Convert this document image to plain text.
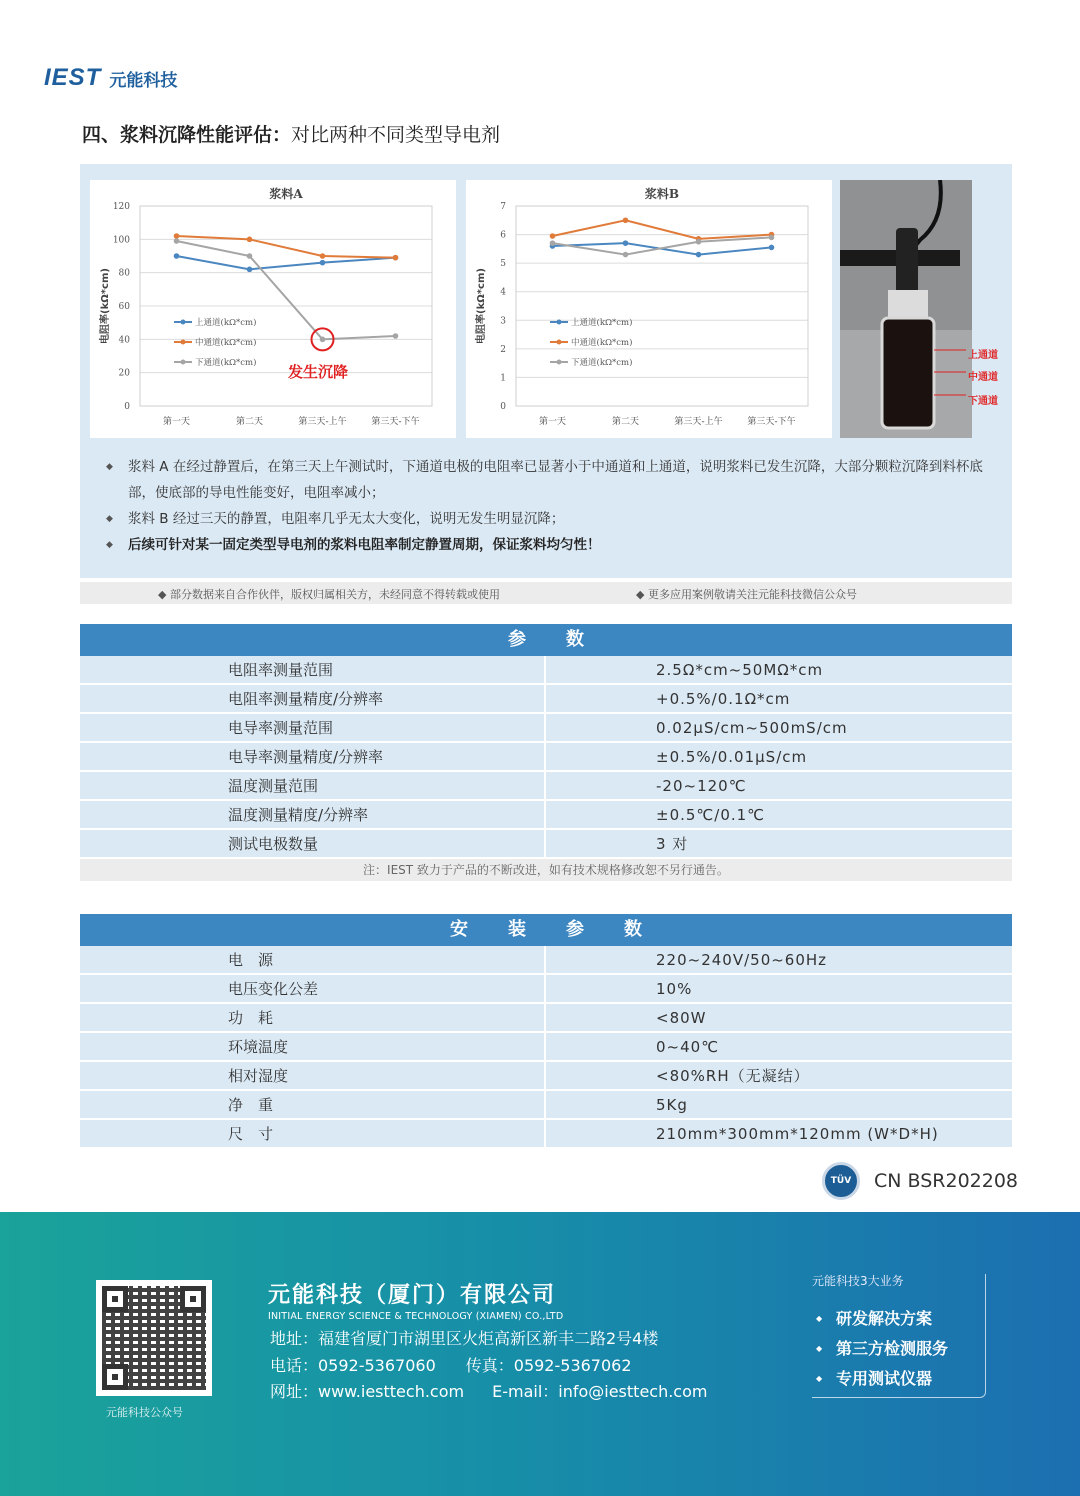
IEST 元能科技
四、浆料沉降性能评估：对比两种不同类型导电剂
浆料A
0
20
40
60
80
100
120
第一天	第二天	第三天-上午	第三天-下午
电阻率(kΩ*cm)	上通道(kΩ*cm)
中通道(kΩ*cm)
下通道(kΩ*cm) 发生沉降
浆料B
0
1
2
3
4
5
6
7
第一天	第二天	第三天-上午	第三天-下午
电阻率(kΩ*cm)	上通道(kΩ*cm)
中通道(kΩ*cm)
下通道(kΩ*cm)
上通道
中通道
下通道
◆ 浆料 A 在经过静置后，在第三天上午测试时，下通道电极的电阻率已显著小于中通道和上通道，说明浆料已发生沉降，大部分颗粒沉降到料杯底部，使底部的导电性能变好，电阻率减小；
◆ 浆料 B 经过三天的静置，电阻率几乎无太大变化，说明无发生明显沉降；
◆ 后续可针对某一固定类型导电剂的浆料电阻率制定静置周期，保证浆料均匀性！
◆ 部分数据来自合作伙伴，版权归属相关方，未经同意不得转载或使用	◆ 更多应用案例敬请关注元能科技微信公众号
参数
电阻率测量范围	2.5Ω*cm~50MΩ*cm
电阻率测量精度/分辨率	+0.5%/0.1Ω*cm
电导率测量范围	0.02μS/cm~500mS/cm
电导率测量精度/分辨率	±0.5%/0.01μS/cm
温度测量范围	-20~120℃
温度测量精度/分辨率	±0.5℃/0.1℃
测试电极数量	3 对
注：IEST 致力于产品的不断改进，如有技术规格修改恕不另行通告。
安装参数
电　源	220~240V/50~60Hz
电压变化公差	10%
功　耗	<80W
环境温度	0~40℃
相对湿度	<80%RH（无凝结）
净　重	5Kg
尺　寸	210mm*300mm*120mm (W*D*H)
TÜV	CN BSR202208
元能科技公众号
元能科技（厦门）有限公司
INITIAL ENERGY SCIENCE & TECHNOLOGY (XIAMEN) CO.,LTD
地址：福建省厦门市湖里区火炬高新区新丰二路2号4楼
电话：0592-5367060 传真：0592-5367062
网址：www.iesttech.com E-mail：info@iesttech.com
元能科技3大业务
◆ 研发解决方案
◆ 第三方检测服务
◆ 专用测试仪器
